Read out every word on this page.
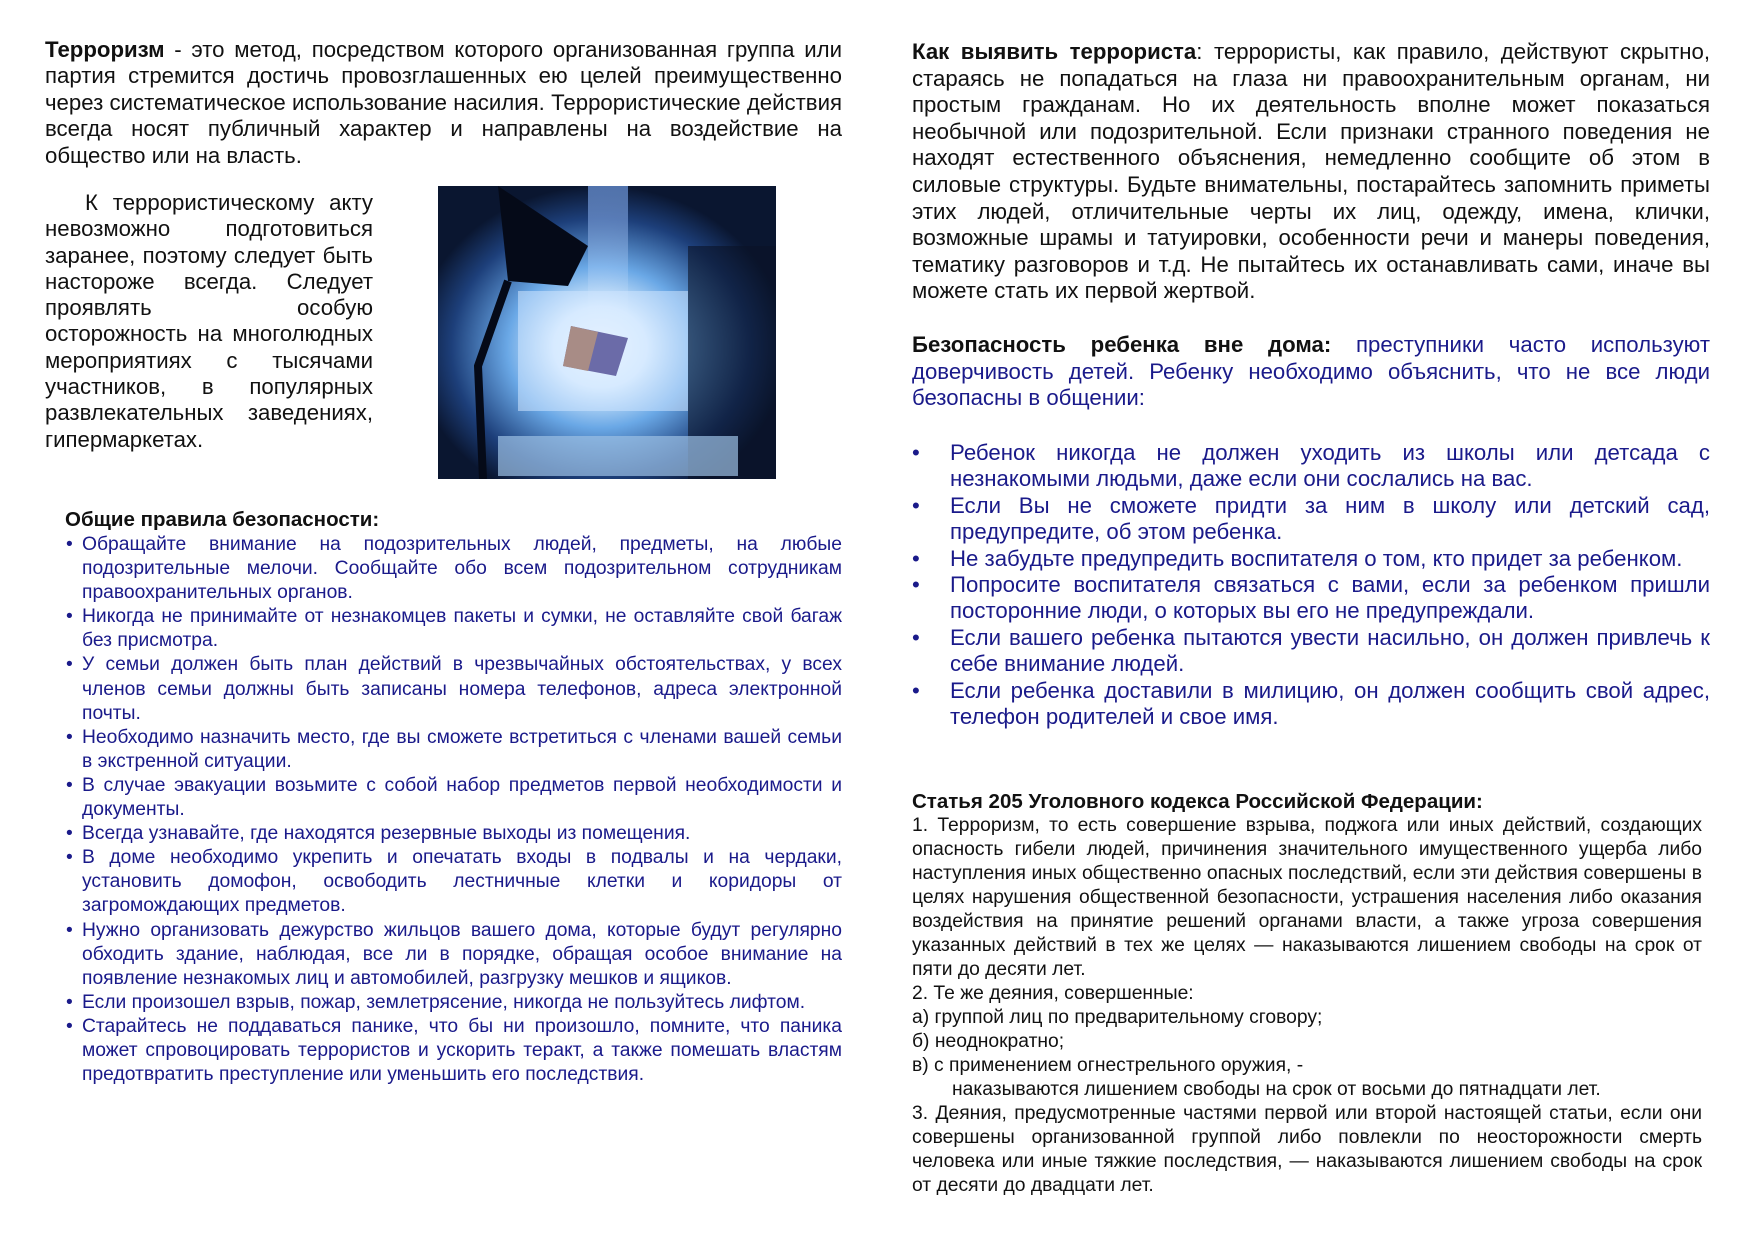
Терроризм - это метод, посредством которого организованная группа или партия стремится достичь провозглашенных ею целей преимущественно через систематическое использование насилия. Террористические действия всегда носят публичный характер и направлены на воздействие на общество или на власть.
К террористическому акту невозможно подготовиться заранее, поэтому следует быть настороже всегда. Следует проявлять особую осторожность на многолюдных мероприятиях с тысячами участников, в популярных развлекательных заведениях, гипермаркетах.
Общие правила безопасности:
• Обращайте внимание на подозрительных людей, предметы, на любые подозрительные мелочи. Сообщайте обо всем подозрительном сотрудникам правоохранительных органов.
• Никогда не принимайте от незнакомцев пакеты и сумки, не оставляйте свой багаж без присмотра.
• У семьи должен быть план действий в чрезвычайных обстоятельствах, у всех членов семьи должны быть записаны номера телефонов, адреса электронной почты.
• Необходимо назначить место, где вы сможете встретиться с членами вашей семьи в экстренной ситуации.
• В случае эвакуации возьмите с собой набор предметов первой необходимости и документы.
• Всегда узнавайте, где находятся резервные выходы из помещения.
• В доме необходимо укрепить и опечатать входы в подвалы и на чердаки, установить домофон, освободить лестничные клетки и коридоры от загромождающих предметов.
• Нужно организовать дежурство жильцов вашего дома, которые будут регулярно обходить здание, наблюдая, все ли в порядке, обращая особое внимание на появление незнакомых лиц и автомобилей, разгрузку мешков и ящиков.
• Если произошел взрыв, пожар, землетрясение, никогда не пользуйтесь лифтом.
• Старайтесь не поддаваться панике, что бы ни произошло, помните, что паника может спровоцировать террористов и ускорить теракт, а также помешать властям предотвратить преступление или уменьшить его последствия.
Как выявить террориста: террористы, как правило, действуют скрытно, стараясь не попадаться на глаза ни правоохранительным органам, ни простым гражданам. Но их деятельность вполне может показаться необычной или подозрительной. Если признаки странного поведения не находят естественного объяснения, немедленно сообщите об этом в силовые структуры. Будьте внимательны, постарайтесь запомнить приметы этих людей, отличительные черты их лиц, одежду, имена, клички, возможные шрамы и татуировки, особенности речи и манеры поведения, тематику разговоров и т.д. Не пытайтесь их останавливать сами, иначе вы можете стать их первой жертвой.
Безопасность ребенка вне дома: преступники часто используют доверчивость детей. Ребенку необходимо объяснить, что не все люди безопасны в общении:
• Ребенок никогда не должен уходить из школы или детсада с незнакомыми людьми, даже если они сослались на вас.
• Если Вы не сможете придти за ним в школу или детский сад, предупредите, об этом ребенка.
• Не забудьте предупредить воспитателя о том, кто придет за ребенком.
• Попросите воспитателя связаться с вами, если за ребенком пришли посторонние люди, о которых вы его не предупреждали.
• Если вашего ребенка пытаются увести насильно, он должен привлечь к себе внимание людей.
• Если ребенка доставили в милицию, он должен сообщить свой адрес, телефон родителей и свое имя.
Статья 205 Уголовного кодекса Российской Федерации:
1. Терроризм, то есть совершение взрыва, поджога или иных действий, создающих опасность гибели людей, причинения значительного имущественного ущерба либо наступления иных общественно опасных последствий, если эти действия совершены в целях нарушения общественной безопасности, устрашения населения либо оказания воздействия на принятие решений органами власти, а также угроза совершения указанных действий в тех же целях — наказываются лишением свободы на срок от пяти до десяти лет.
2. Те же деяния, совершенные:
а) группой лиц по предварительному сговору;
б) неоднократно;
в) с применением огнестрельного оружия, -
наказываются лишением свободы на срок от восьми до пятнадцати лет.
3. Деяния, предусмотренные частями первой или второй настоящей статьи, если они совершены организованной группой либо повлекли по неосторожности смерть человека или иные тяжкие последствия, — наказываются лишением свободы на срок от десяти до двадцати лет.
